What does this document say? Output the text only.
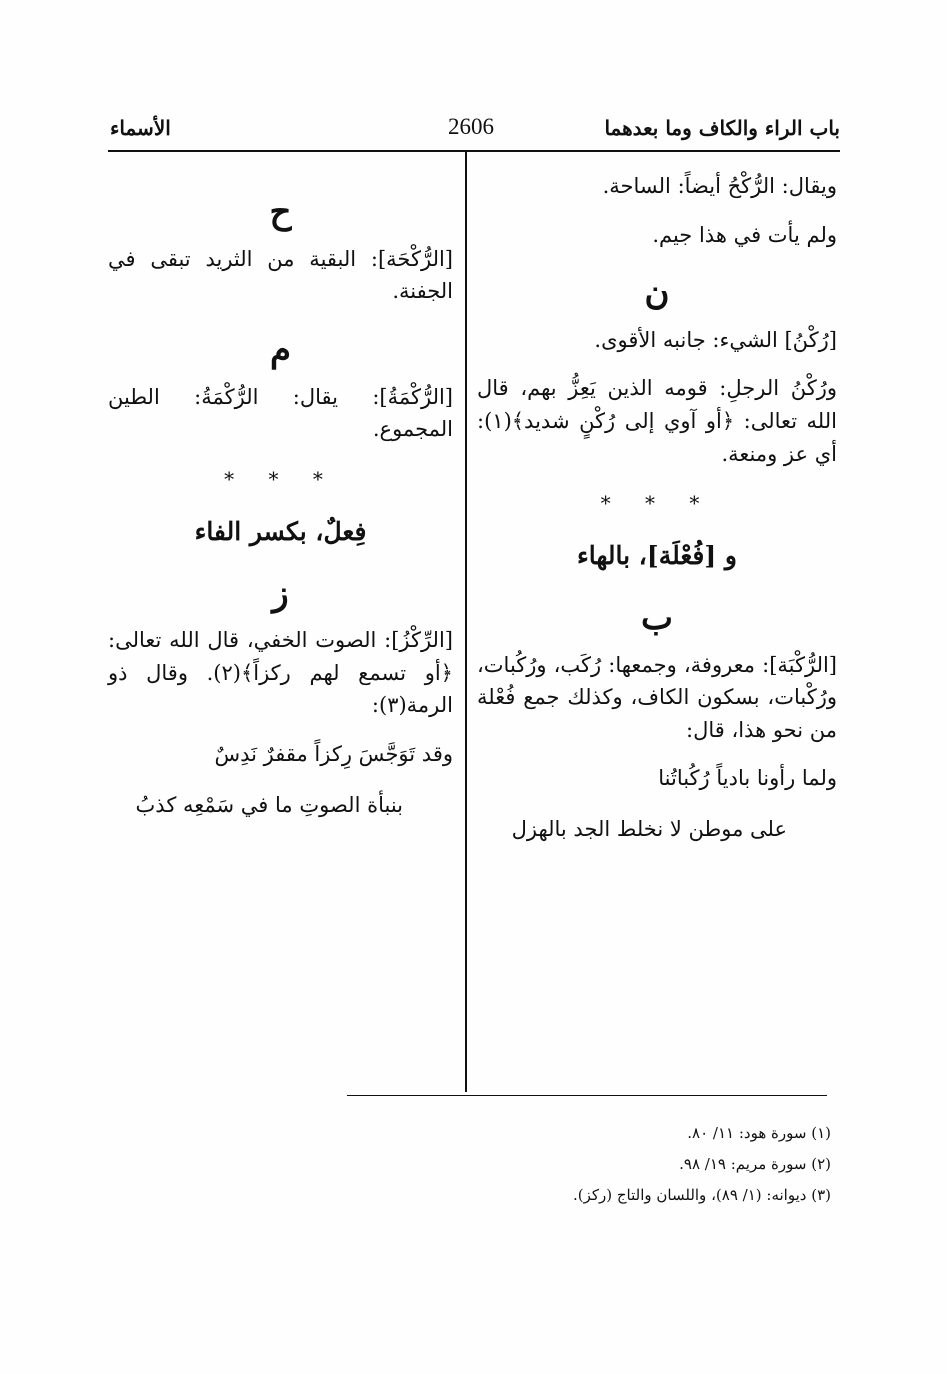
باب الراء والكاف وما بعدهما
2606
الأسماء

ويقال: الرُّكْحُ أيضاً: الساحة.

ولم يأت في هذا جيم.

ن

[رُكْنُ] الشيء: جانبه الأقوى.

ورُكْنُ الرجلِ: قومه الذين يَعِزُّ بهم، قال الله تعالى: ﴿أو آوي إلى رُكْنٍ شديد﴾(١): أي عز ومنعة.

* * *

و [فُعْلَة]، بالهاء

ب

[الرُّكْبَة]: معروفة، وجمعها: رُكَب، ورُكُبات، ورُكْبات، بسكون الكاف، وكذلك جمع فُعْلة من نحو هذا، قال:

ولما رأونا بادياً رُكُباتُنا

على موطن لا نخلط الجد بالهزل

ح

[الرُّكْحَة]: البقية من الثريد تبقى في الجفنة.

م

[الرُّكْمَةُ]: يقال: الرُّكْمَةُ: الطين المجموع.

* * *

فِعلٌ، بكسر الفاء

ز

[الرِّكْزُ]: الصوت الخفي، قال الله تعالى: ﴿أو تسمع لهم ركزاً﴾(٢). وقال ذو الرمة(٣):

وقد تَوَجَّسَ رِكزاً مقفرٌ نَدِسٌ

بنبأة الصوتِ ما في سَمْعِه كذبُ

(١) سورة هود: ١١/ ٨٠.

(٢) سورة مريم: ١٩/ ٩٨.

(٣) ديوانه: (١/ ٨٩)، واللسان والتاج (ركز).
